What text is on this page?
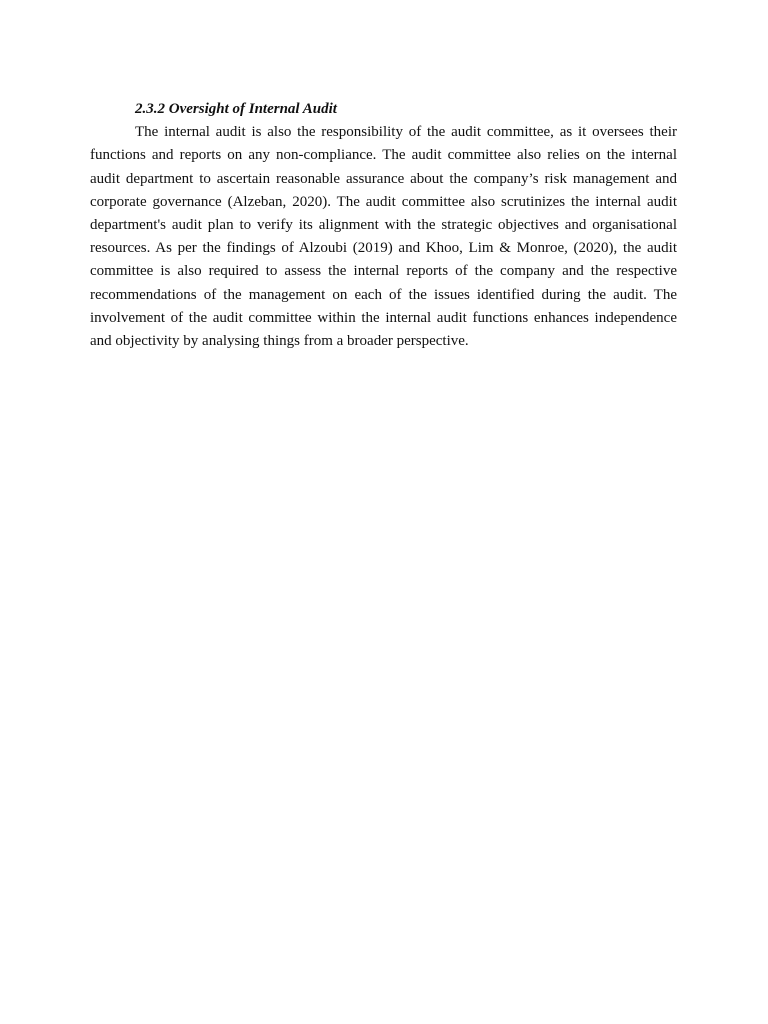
2.3.2 Oversight of Internal Audit

The internal audit is also the responsibility of the audit committee, as it oversees their functions and reports on any non-compliance. The audit committee also relies on the internal audit department to ascertain reasonable assurance about the company’s risk management and corporate governance (Alzeban, 2020). The audit committee also scrutinizes the internal audit department's audit plan to verify its alignment with the strategic objectives and organisational resources. As per the findings of Alzoubi (2019) and Khoo, Lim & Monroe, (2020), the audit committee is also required to assess the internal reports of the company and the respective recommendations of the management on each of the issues identified during the audit. The involvement of the audit committee within the internal audit functions enhances independence and objectivity by analysing things from a broader perspective.
